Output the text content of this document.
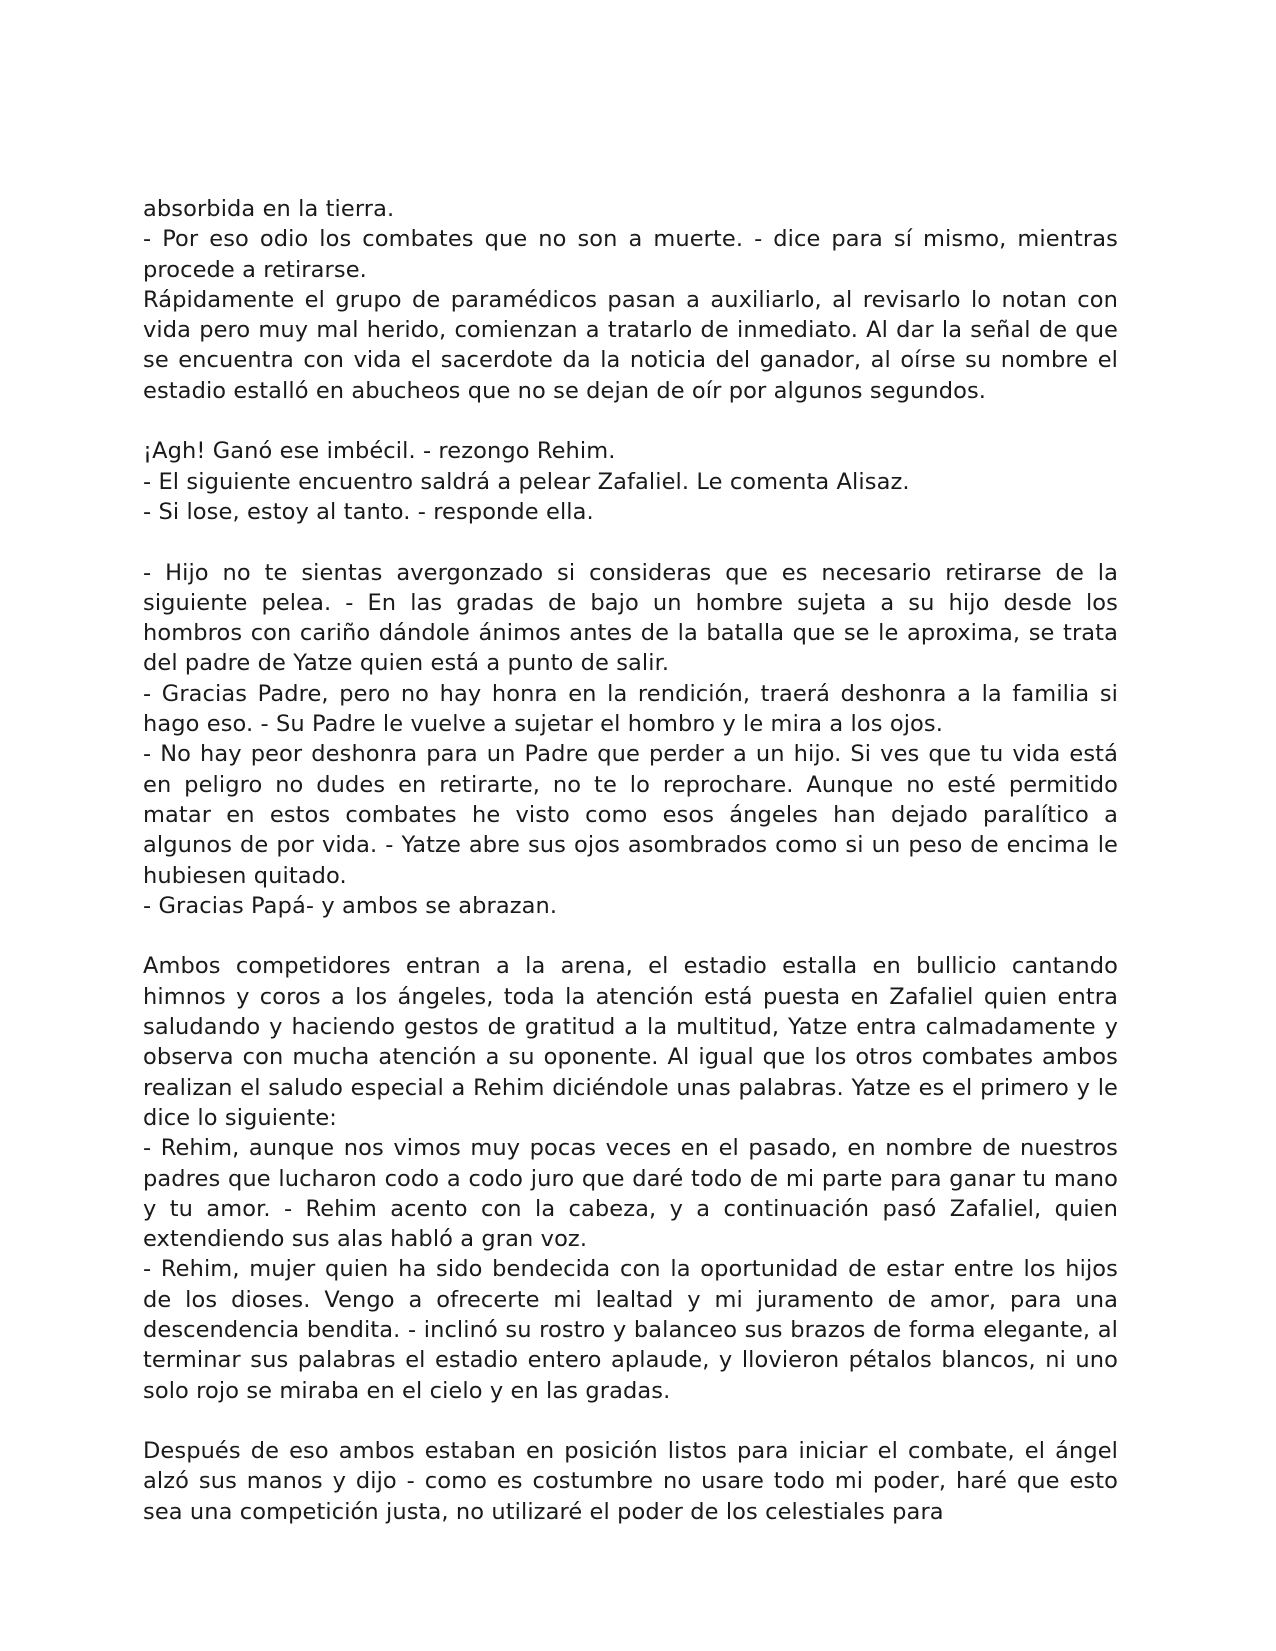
absorbida en la tierra.

- Por eso odio los combates que no son a muerte. - dice para sí mismo, mientras procede a retirarse.

Rápidamente el grupo de paramédicos pasan a auxiliarlo, al revisarlo lo notan con vida pero muy mal herido, comienzan a tratarlo de inmediato. Al dar la señal de que se encuentra con vida el sacerdote da la noticia del ganador, al oírse su nombre el estadio estalló en abucheos que no se dejan de oír por algunos segundos.

¡Agh! Ganó ese imbécil. - rezongo Rehim.

- El siguiente encuentro saldrá a pelear Zafaliel. Le comenta Alisaz.

- Si lose, estoy al tanto. - responde ella.

- Hijo no te sientas avergonzado si consideras que es necesario retirarse de la siguiente pelea. - En las gradas de bajo un hombre sujeta a su hijo desde los hombros con cariño dándole ánimos antes de la batalla que se le aproxima, se trata del padre de Yatze quien está a punto de salir.

- Gracias Padre, pero no hay honra en la rendición, traerá deshonra a la familia si hago eso. - Su Padre le vuelve a sujetar el hombro y le mira a los ojos.

- No hay peor deshonra para un Padre que perder a un hijo. Si ves que tu vida está en peligro no dudes en retirarte, no te lo reprochare. Aunque no esté permitido matar en estos combates he visto como esos ángeles han dejado paralítico a algunos de por vida. - Yatze abre sus ojos asombrados como si un peso de encima le hubiesen quitado.

- Gracias Papá- y ambos se abrazan.

Ambos competidores entran a la arena, el estadio estalla en bullicio cantando himnos y coros a los ángeles, toda la atención está puesta en Zafaliel quien entra saludando y haciendo gestos de gratitud a la multitud, Yatze entra calmadamente y observa con mucha atención a su oponente. Al igual que los otros combates ambos realizan el saludo especial a Rehim diciéndole unas palabras. Yatze es el primero y le dice lo siguiente:

- Rehim, aunque nos vimos muy pocas veces en el pasado, en nombre de nuestros padres que lucharon codo a codo juro que daré todo de mi parte para ganar tu mano y tu amor. - Rehim acento con la cabeza, y a continuación pasó Zafaliel, quien extendiendo sus alas habló a gran voz.

- Rehim, mujer quien ha sido bendecida con la oportunidad de estar entre los hijos de los dioses. Vengo a ofrecerte mi lealtad y mi juramento de amor, para una descendencia bendita. - inclinó su rostro y balanceo sus brazos de forma elegante, al terminar sus palabras el estadio entero aplaude, y llovieron pétalos blancos, ni uno solo rojo se miraba en el cielo y en las gradas.

Después de eso ambos estaban en posición listos para iniciar el combate, el ángel alzó sus manos y dijo - como es costumbre no usare todo mi poder, haré que esto sea una competición justa, no utilizaré el poder de los celestiales para
